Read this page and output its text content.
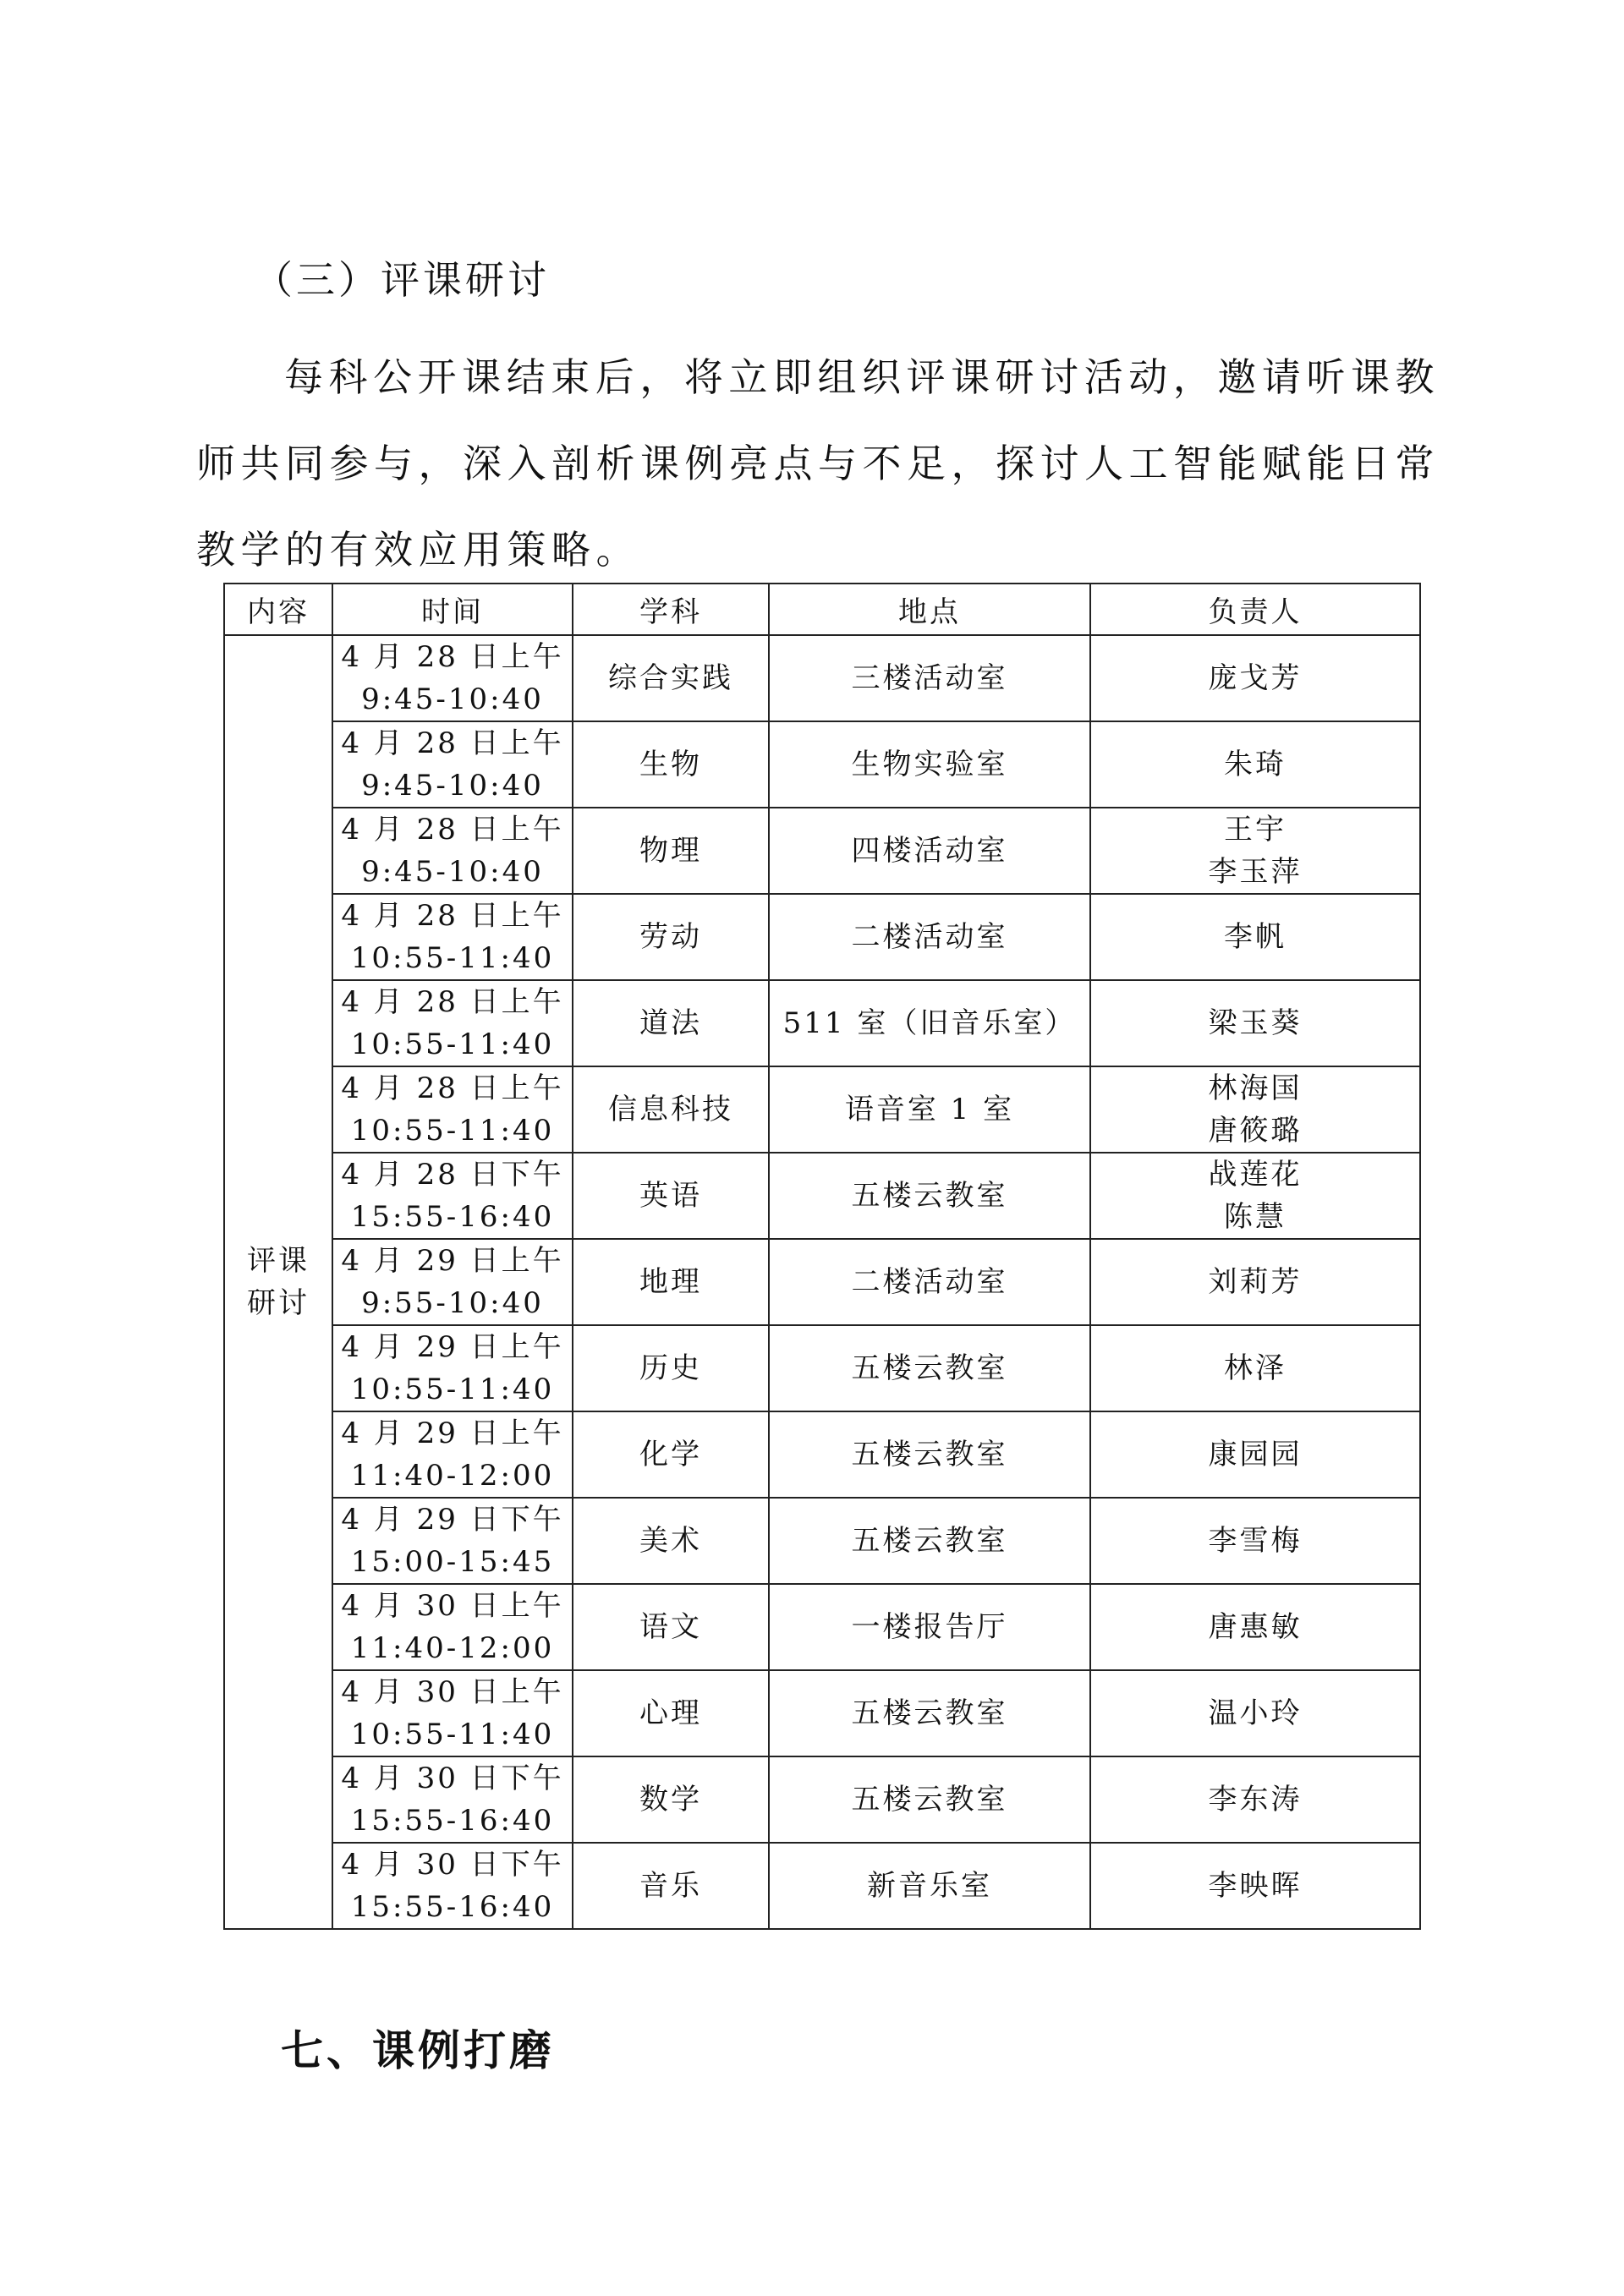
（三）评课研讨
每科公开课结束后，将立即组织评课研讨活动，邀请听课教师共同参与，深入剖析课例亮点与不足，探讨人工智能赋能日常教学的有效应用策略。
内容	时间	学科	地点	负责人

评课
研讨	4 月 28 日上午
9:45-10:40	综合实践	三楼活动室	庞戈芳

	4 月 28 日上午
9:45-10:40	生物	生物实验室	朱琦

	4 月 28 日上午
9:45-10:40	物理	四楼活动室	王宇
李玉萍

	4 月 28 日上午
10:55-11:40	劳动	二楼活动室	李帆

	4 月 28 日上午
10:55-11:40	道法	511 室（旧音乐室）	梁玉葵

	4 月 28 日上午
10:55-11:40	信息科技	语音室 1 室	林海国
唐筱璐

	4 月 28 日下午
15:55-16:40	英语	五楼云教室	战莲花
陈慧

	4 月 29 日上午
9:55-10:40	地理	二楼活动室	刘莉芳

	4 月 29 日上午
10:55-11:40	历史	五楼云教室	林泽

	4 月 29 日上午
11:40-12:00	化学	五楼云教室	康园园

	4 月 29 日下午
15:00-15:45	美术	五楼云教室	李雪梅

	4 月 30 日上午
11:40-12:00	语文	一楼报告厅	唐惠敏

	4 月 30 日上午
10:55-11:40	心理	五楼云教室	温小玲

	4 月 30 日下午
15:55-16:40	数学	五楼云教室	李东涛

	4 月 30 日下午
15:55-16:40	音乐	新音乐室	李映晖
七、课例打磨
